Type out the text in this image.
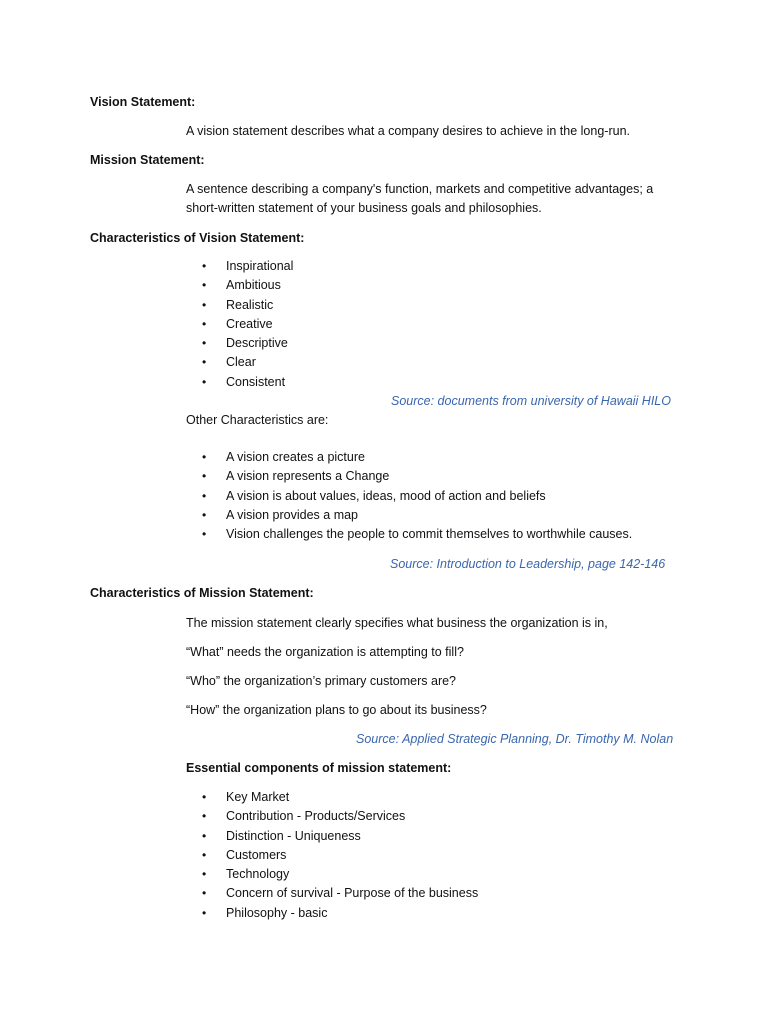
Vision Statement:
A vision statement describes what a company desires to achieve in the long-run.
Mission Statement:
A sentence describing a company's function, markets and competitive advantages; a
short-written statement of your business goals and philosophies.
Characteristics of Vision Statement:
• Inspirational
• Ambitious
• Realistic
• Creative
• Descriptive
• Clear
• Consistent
Source: documents from university of Hawaii HILO
Other Characteristics are:
• A vision creates a picture
• A vision represents a Change
• A vision is about values, ideas, mood of action and beliefs
• A vision provides a map
• Vision challenges the people to commit themselves to worthwhile causes.
Source: Introduction to Leadership, page 142-146
Characteristics of Mission Statement:
The mission statement clearly specifies what business the organization is in,
“What” needs the organization is attempting to fill?
“Who” the organization’s primary customers are?
“How” the organization plans to go about its business?
Source: Applied Strategic Planning, Dr. Timothy M. Nolan
Essential components of mission statement:
• Key Market
• Contribution - Products/Services
• Distinction - Uniqueness
• Customers
• Technology
• Concern of survival - Purpose of the business
• Philosophy - basic
